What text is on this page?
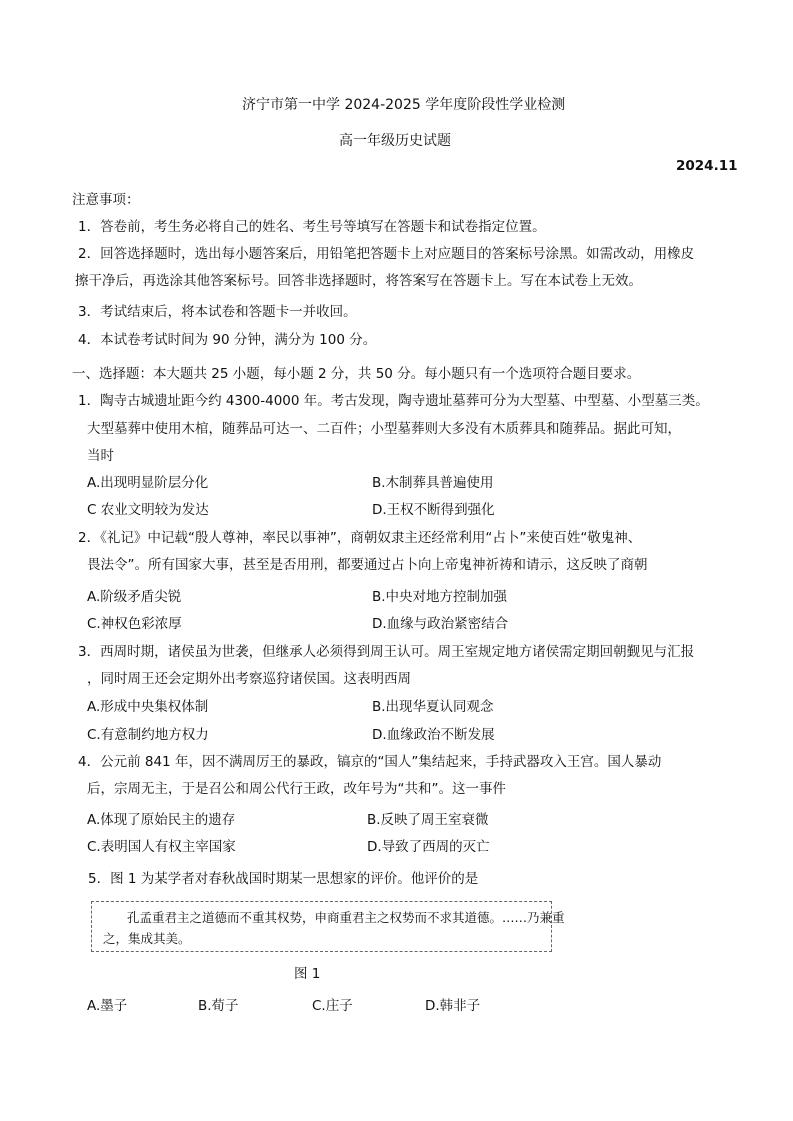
济宁市第一中学 2024-2025 学年度阶段性学业检测
高一年级历史试题
2024.11
注意事项：
1．答卷前，考生务必将自己的姓名、考生号等填写在答题卡和试卷指定位置。
2．回答选择题时，选出每小题答案后，用铅笔把答题卡上对应题目的答案标号涂黑。如需改动，用橡皮
擦干净后，再选涂其他答案标号。回答非选择题时，将答案写在答题卡上。写在本试卷上无效。
3．考试结束后，将本试卷和答题卡一并收回。
4．本试卷考试时间为 90 分钟，满分为 100 分。
一、选择题：本大题共 25 小题，每小题 2 分，共 50 分。每小题只有一个选项符合题目要求。
1．陶寺古城遗址距今约 4300-4000 年。考古发现，陶寺遗址墓葬可分为大型墓、中型墓、小型墓三类。
大型墓葬中使用木棺，随葬品可达一、二百件；小型墓葬则大多没有木质葬具和随葬品。据此可知，
当时
A.出现明显阶层分化	B.木制葬具普遍使用
C 农业文明较为发达	D.王权不断得到强化
2．《礼记》中记载“殷人尊神，率民以事神”，商朝奴隶主还经常利用“占卜”来使百姓“敬鬼神、
畏法令”。所有国家大事，甚至是否用刑，都要通过占卜向上帝鬼神祈祷和请示，这反映了商朝
A.阶级矛盾尖锐	B.中央对地方控制加强
C.神权色彩浓厚	D.血缘与政治紧密结合
3．西周时期，诸侯虽为世袭，但继承人必须得到周王认可。周王室规定地方诸侯需定期回朝觐见与汇报
，同时周王还会定期外出考察巡狩诸侯国。这表明西周
A.形成中央集权体制	B.出现华夏认同观念
C.有意制约地方权力	D.血缘政治不断发展
4．公元前 841 年，因不满周厉王的暴政，镐京的“国人”集结起来，手持武器攻入王宫。国人暴动
后，宗周无主，于是召公和周公代行王政，改年号为“共和”。这一事件
A.体现了原始民主的遗存	B.反映了周王室衰微
C.表明国人有权主宰国家	D.导致了西周的灭亡
5．图 1 为某学者对春秋战国时期某一思想家的评价。他评价的是
孔孟重君主之道德而不重其权势，申商重君主之权势而不求其道德。……乃兼重
之，集成其美。
图 1
A.墨子	B.荀子	C.庄子	D.韩非子
